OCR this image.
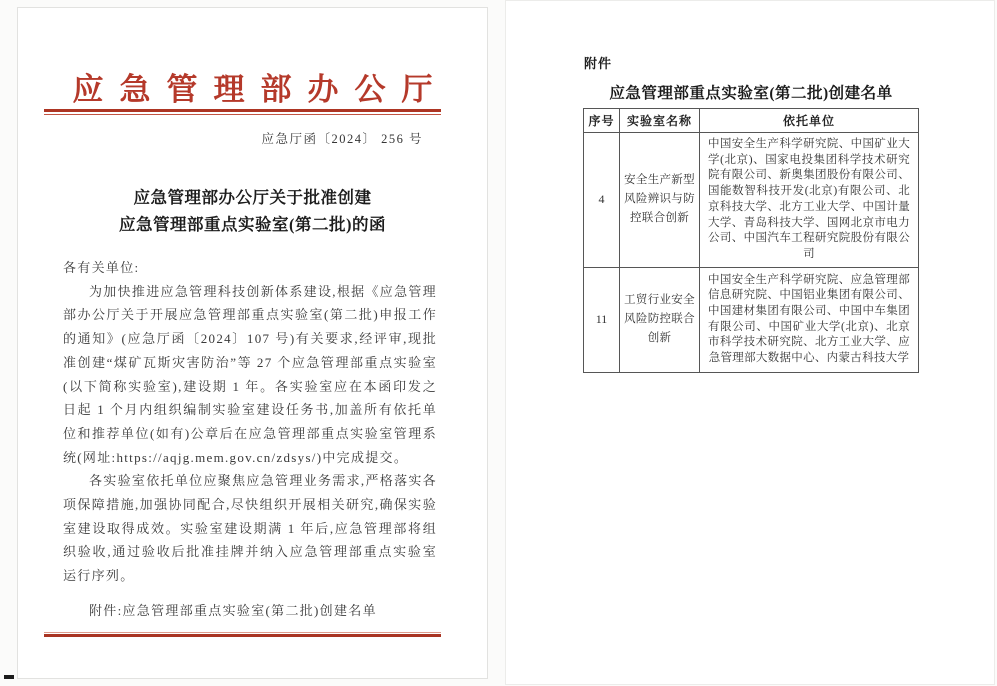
应急管理部办公厅
应急厅函〔2024〕 256 号
应急管理部办公厅关于批准创建
应急管理部重点实验室(第二批)的函

各有关单位:

为加快推进应急管理科技创新体系建设,根据《应急管理部办公厅关于开展应急管理部重点实验室(第二批)申报工作的通知》(应急厅函〔2024〕107 号)有关要求,经评审,现批准创建“煤矿瓦斯灾害防治”等 27 个应急管理部重点实验室(以下简称实验室),建设期 1 年。各实验室应在本函印发之日起 1 个月内组织编制实验室建设任务书,加盖所有依托单位和推荐单位(如有)公章后在应急管理部重点实验室管理系统(网址:https://aqjg.mem.gov.cn/zdsys/)中完成提交。

各实验室依托单位应聚焦应急管理业务需求,严格落实各项保障措施,加强协同配合,尽快组织开展相关研究,确保实验室建设取得成效。实验室建设期满 1 年后,应急管理部将组织验收,通过验收后批准挂牌并纳入应急管理部重点实验室运行序列。

附件:应急管理部重点实验室(第二批)创建名单

附件
应急管理部重点实验室(第二批)创建名单
序号	实验室名称	依托单位
4	安全生产新型风险辨识与防控联合创新	中国安全生产科学研究院、中国矿业大学(北京)、国家电投集团科学技术研究院有限公司、新奥集团股份有限公司、国能数智科技开发(北京)有限公司、北京科技大学、北方工业大学、中国计量大学、青岛科技大学、国网北京市电力公司、中国汽车工程研究院股份有限公司
11	工贸行业安全风险防控联合创新	中国安全生产科学研究院、应急管理部信息研究院、中国铝业集团有限公司、中国建材集团有限公司、中国中车集团有限公司、中国矿业大学(北京)、北京市科学技术研究院、北方工业大学、应急管理部大数据中心、内蒙古科技大学
